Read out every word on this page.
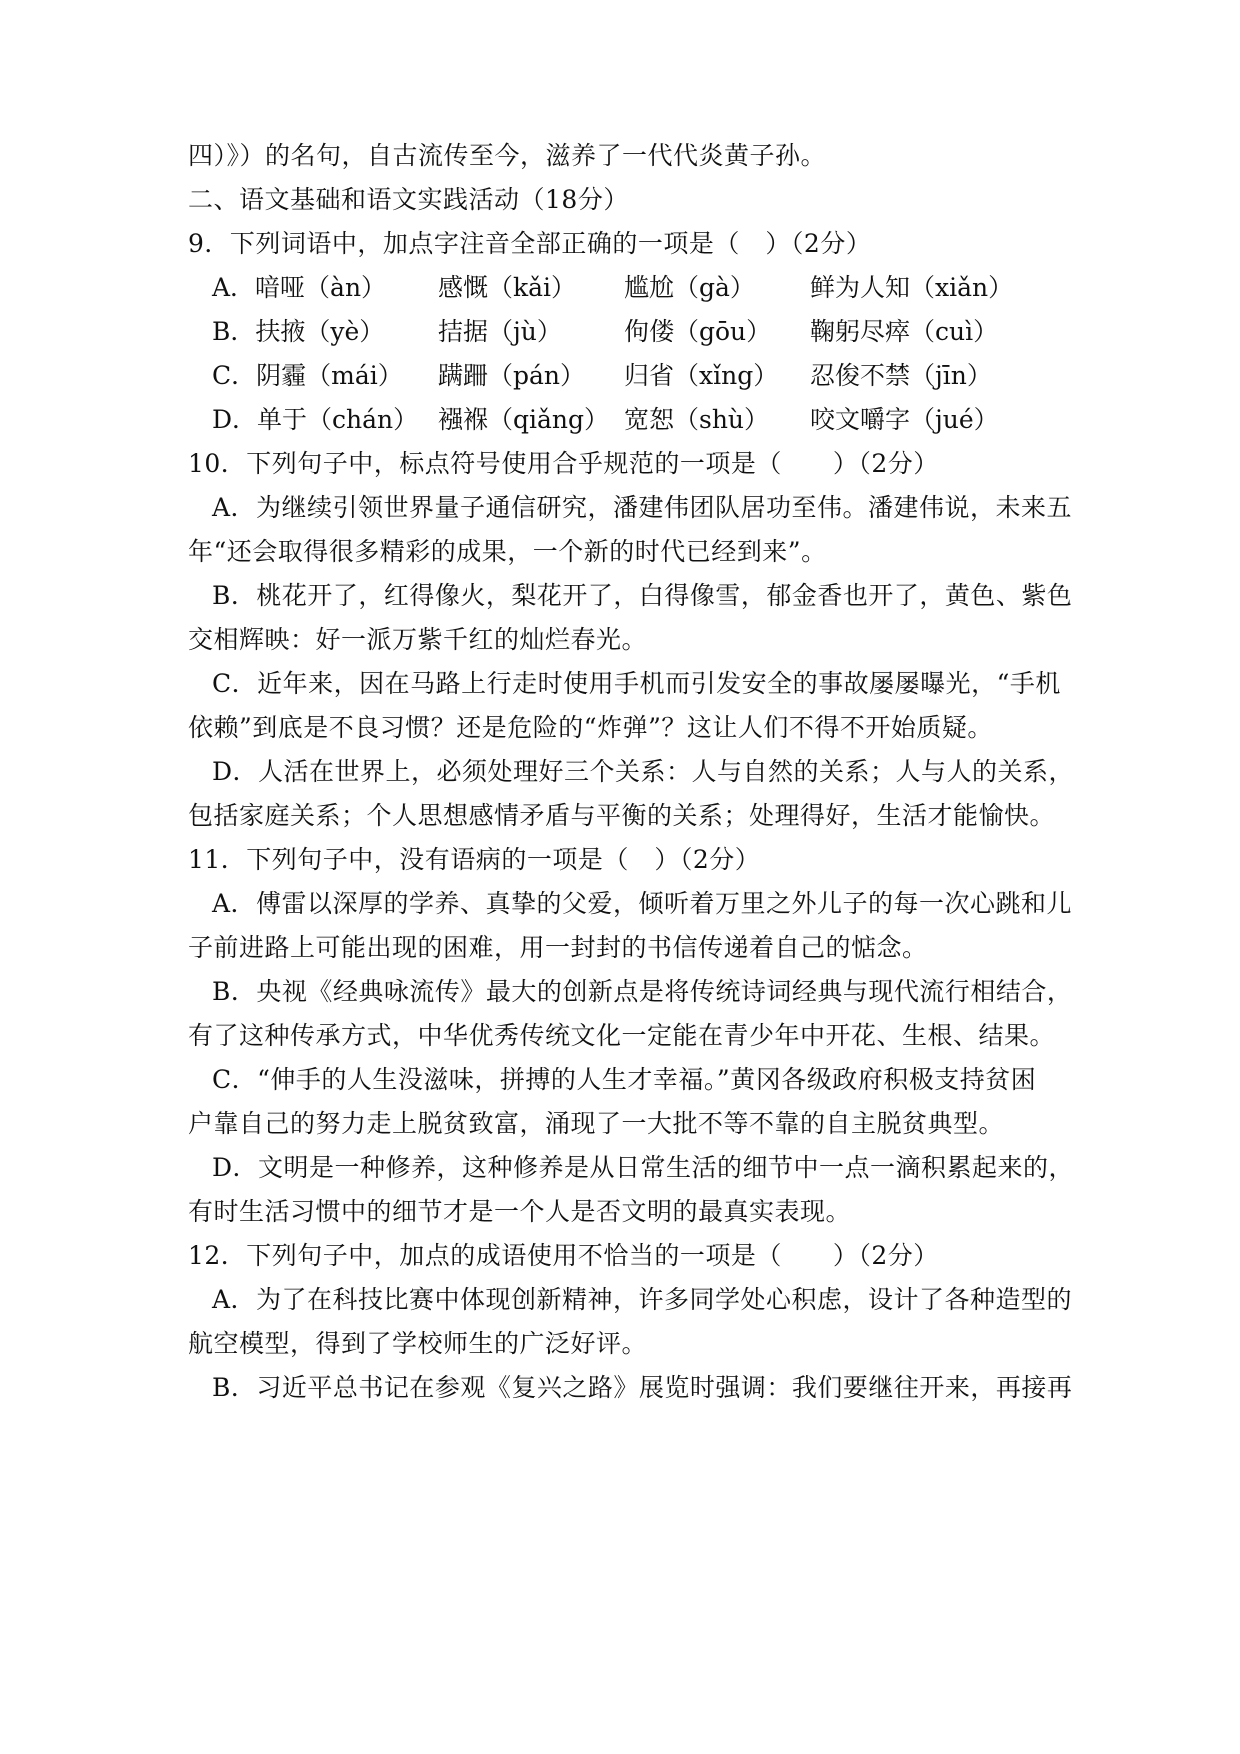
四）》）的名句，自古流传至今，滋养了一代代炎黄子孙。
二、语文基础和语文实践活动（18分）
9．下列词语中，加点字注音全部正确的一项是（　）（2分）
A．喑哑（àn） 感慨（kǎi） 尴尬（gà） 鲜为人知（xiǎn）
B．扶掖（yè） 拮据（jù） 佝偻（gōu） 鞠躬尽瘁（cuì）
C．阴霾（mái） 蹒跚（pán） 归省（xǐng） 忍俊不禁（jīn）
D．单于（chán） 襁褓（qiǎng） 宽恕（shù） 咬文嚼字（jué）
10．下列句子中，标点符号使用合乎规范的一项是（　　）（2分）
A．为继续引领世界量子通信研究，潘建伟团队居功至伟。潘建伟说，未来五
年“还会取得很多精彩的成果，一个新的时代已经到来”。
B．桃花开了，红得像火，梨花开了，白得像雪，郁金香也开了，黄色、紫色
交相辉映：好一派万紫千红的灿烂春光。
C．近年来，因在马路上行走时使用手机而引发安全的事故屡屡曝光，“手机
依赖”到底是不良习惯？还是危险的“炸弹”？这让人们不得不开始质疑。
D．人活在世界上，必须处理好三个关系：人与自然的关系；人与人的关系，
包括家庭关系；个人思想感情矛盾与平衡的关系；处理得好，生活才能愉快。
11．下列句子中，没有语病的一项是（　）（2分）
A．傅雷以深厚的学养、真挚的父爱，倾听着万里之外儿子的每一次心跳和儿
子前进路上可能出现的困难，用一封封的书信传递着自己的惦念。
B．央视《经典咏流传》最大的创新点是将传统诗词经典与现代流行相结合，
有了这种传承方式，中华优秀传统文化一定能在青少年中开花、生根、结果。
C．“伸手的人生没滋味，拼搏的人生才幸福。”黄冈各级政府积极支持贫困
户靠自己的努力走上脱贫致富，涌现了一大批不等不靠的自主脱贫典型。
D．文明是一种修养，这种修养是从日常生活的细节中一点一滴积累起来的，
有时生活习惯中的细节才是一个人是否文明的最真实表现。
12．下列句子中，加点的成语使用不恰当的一项是（　　）（2分）
A．为了在科技比赛中体现创新精神，许多同学处心积虑，设计了各种造型的
航空模型，得到了学校师生的广泛好评。
B．习近平总书记在参观《复兴之路》展览时强调：我们要继往开来，再接再
